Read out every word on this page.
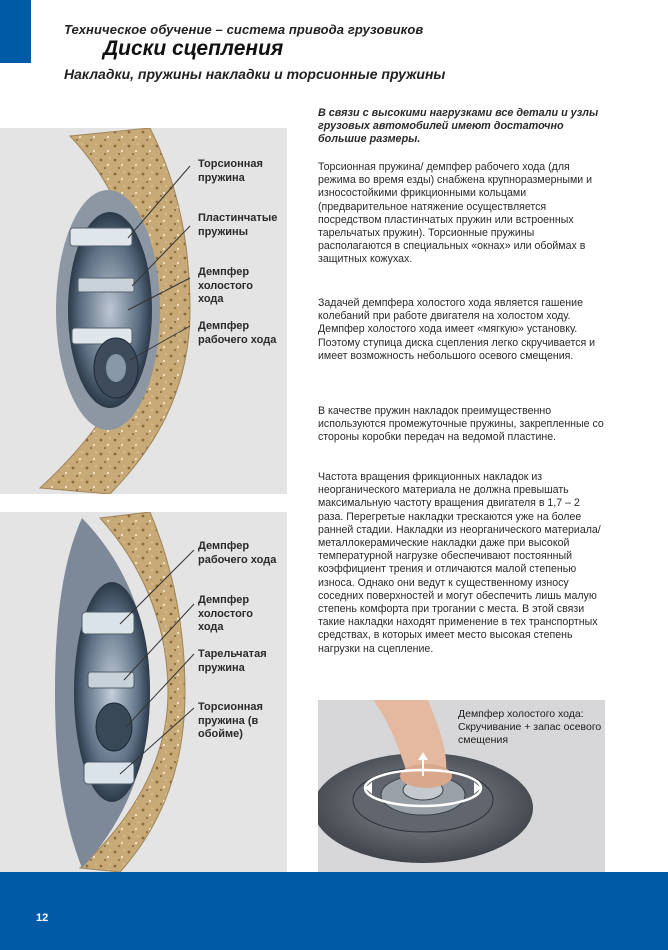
Техническое обучение – система привода грузовиков
Диски сцепления
Накладки, пружины накладки и торсионные пружины
Торсионная пружина
Пластинчатые пружины
Демпфер холостого хода
Демпфер рабочего хода
Демпфер рабочего хода
Демпфер холостого хода
Тарельчатая пружина
Торсионная пружина (в обойме)

В связи с высокими нагрузками все детали и узлы грузовых автомобилей имеют достаточно большие размеры.

Торсионная пружина/ демпфер рабочего хода (для режима во время езды) снабжена крупноразмерными и износостойкими фрикционными кольцами (предварительное натяжение осуществляется посредством пластинчатых пружин или встроенных тарельчатых пружин). Торсионные пружины располагаются в специальных «окнах» или обоймах в защитных кожухах.

Задачей демпфера холостого хода является гашение колебаний при работе двигателя на холостом ходу. Демпфер холостого хода имеет «мягкую» установку. Поэтому ступица диска сцепления легко скручивается и имеет возможность небольшого осевого смещения.

В качестве пружин накладок преимущественно используются промежуточные пружины, закрепленные со стороны коробки передач на ведомой пластине.

Частота вращения фрикционных накладок из неорганического материала не должна превышать максимальную частоту вращения двигателя в 1,7 – 2 раза. Перегретые накладки трескаются уже на более ранней стадии. Накладки из неорганического материала/ металлокерамические накладки даже при высокой температурной нагрузке обеспечивают постоянный коэффициент трения и отличаются малой степенью износа. Однако они ведут к существенному износу соседних поверхностей и могут обеспечить лишь малую степень комфорта при трогании с места. В этой связи такие накладки находят применение в тех транспортных средствах, в которых имеет место высокая степень нагрузки на сцепление.

Демпфер холостого хода: Скручивание + запас осевого смещения
12
